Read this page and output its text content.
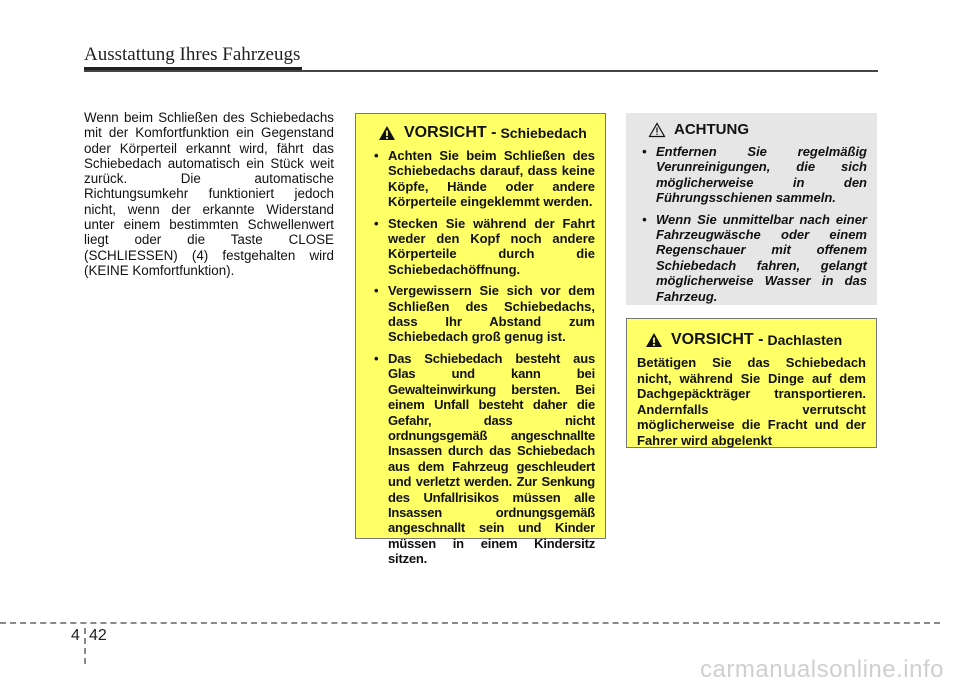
Ausstattung Ihres Fahrzeugs
Wenn beim Schließen des Schiebedachs mit der Komfortfunktion ein Gegenstand oder Körperteil erkannt wird, fährt das Schiebedach automatisch ein Stück weit zurück. Die automatische Richtungsumkehr funktioniert jedoch nicht, wenn der erkannte Widerstand unter einem bestimmten Schwellenwert liegt oder die Taste CLOSE (SCHLIESSEN) (4) festgehalten wird (KEINE Komfortfunktion).
VORSICHT - Schiebedach
• Achten Sie beim Schließen des Schiebedachs darauf, dass keine Köpfe, Hände oder andere Körperteile eingeklemmt werden.
• Stecken Sie während der Fahrt weder den Kopf noch andere Körperteile durch die Schiebedachöffnung.
• Vergewissern Sie sich vor dem Schließen des Schiebedachs, dass Ihr Abstand zum Schiebedach groß genug ist.
• Das Schiebedach besteht aus Glas und kann bei Gewalteinwirkung bersten. Bei einem Unfall besteht daher die Gefahr, dass nicht ordnungsgemäß angeschnallte Insassen durch das Schiebedach aus dem Fahrzeug geschleudert und verletzt werden. Zur Senkung des Unfallrisikos müssen alle Insassen ordnungsgemäß angeschnallt sein und Kinder müssen in einem Kindersitz sitzen.
ACHTUNG
• Entfernen Sie regelmäßig Verunreinigungen, die sich möglicherweise in den Führungsschienen sammeln.
• Wenn Sie unmittelbar nach einer Fahrzeugwäsche oder einem Regenschauer mit offenem Schiebedach fahren, gelangt möglicherweise Wasser in das Fahrzeug.
VORSICHT - Dachlasten
Betätigen Sie das Schiebedach nicht, während Sie Dinge auf dem Dachgepäckträger transportieren. Andernfalls verrutscht möglicherweise die Fracht und der Fahrer wird abgelenkt
4 42
carmanualsonline.info
